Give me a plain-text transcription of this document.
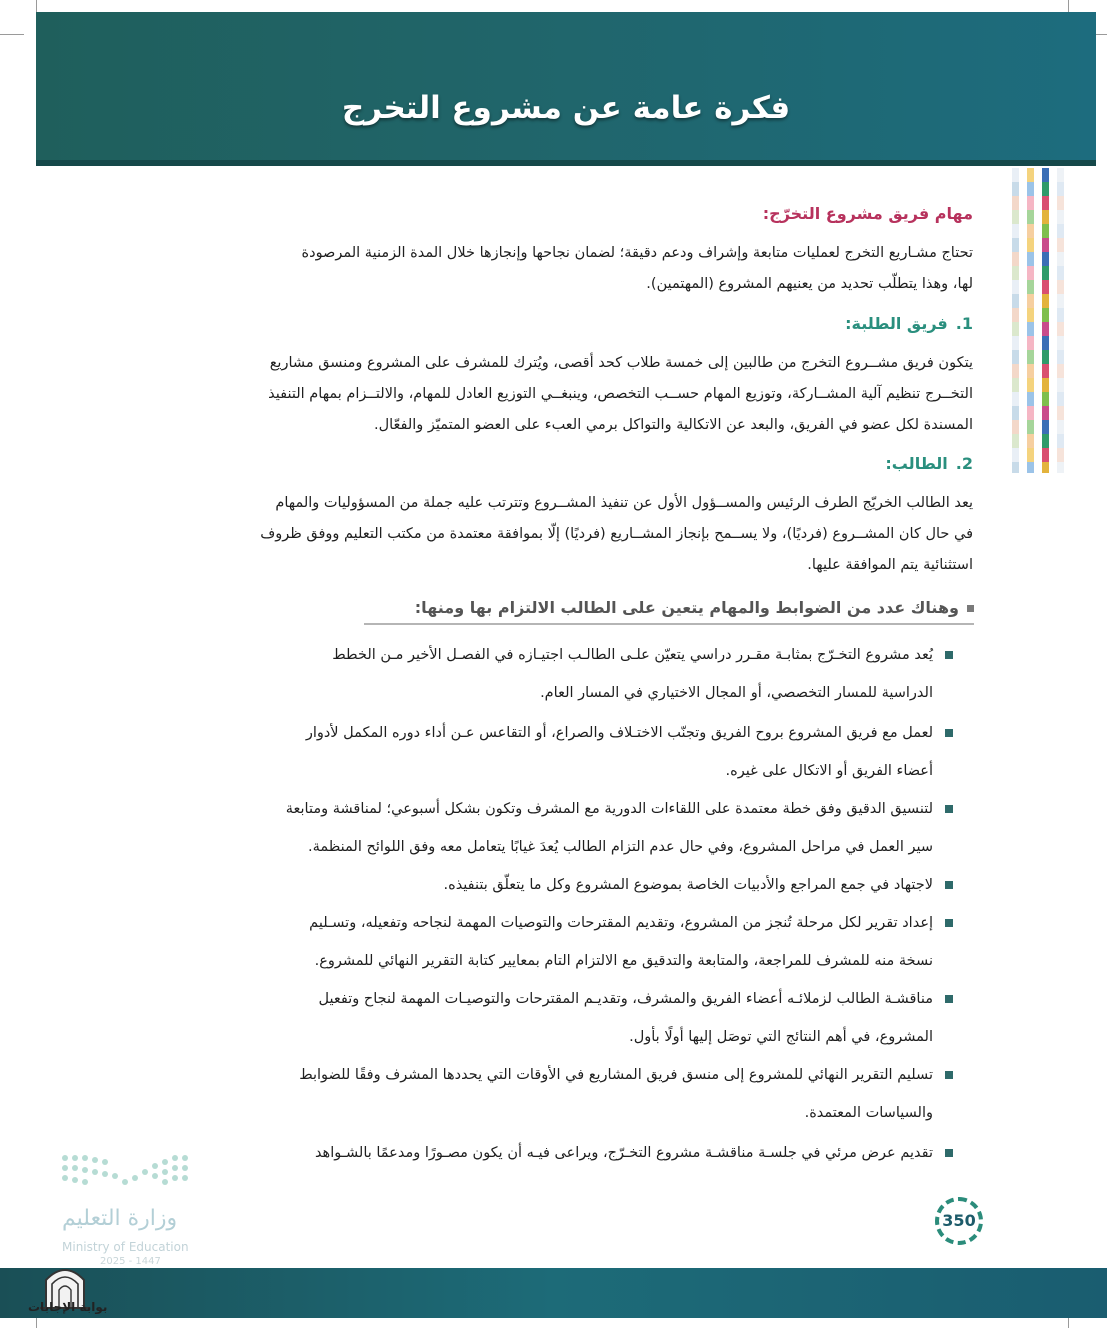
فكرة عامة عن مشروع التخرج
مهام فريق مشروع التخرّج:
تحتاج مشـاريع التخرج لعمليات متابعة وإشراف ودعم دقيقة؛ لضمان نجاحها وإنجازها خلال المدة الزمنية المرصودة
لها، وهذا يتطلّب تحديد من يعنيهم المشروع (المهتمين).
1.فريق الطلبة:
يتكون فريق مشــروع التخرج من طالبين إلى خمسة طلاب كحد أقصى، ويُترك للمشرف على المشروع ومنسق مشاريع
التخــرج تنظيم آلية المشــاركة، وتوزيع المهام حســب التخصص، وينبغــي التوزيع العادل للمهام، والالتــزام بمهام التنفيذ
المسندة لكل عضو في الفريق، والبعد عن الاتكالية والتواكل برمي العبء على العضو المتميّز والفعّال.
2.الطالب:
يعد الطالب الخريّج الطرف الرئيس والمســؤول الأول عن تنفيذ المشــروع وتترتب عليه جملة من المسؤوليات والمهام
في حال كان المشــروع (فرديًا)، ولا يســمح بإنجاز المشــاريع (فرديًا) إلّا بموافقة معتمدة من مكتب التعليم ووفق ظروف
استثنائية يتم الموافقة عليها.
وهناك عدد من الضوابط والمهام يتعين على الطالب الالتزام بها ومنها:
يُعد مشروع التخـرّج بمثابـة مقـرر دراسي يتعيّن علـى الطالـب اجتيـازه في الفصـل الأخير مـن الخطط
الدراسية للمسار التخصصي، أو المجال الاختياري في المسار العام.
لعمل مع فريق المشروع بروح الفريق وتجنّب الاختـلاف والصراع، أو التقاعس عـن أداء دوره المكمل لأدوار
أعضاء الفريق أو الاتكال على غيره.
لتنسيق الدقيق وفق خطة معتمدة على اللقاءات الدورية مع المشرف وتكون بشكل أسبوعي؛ لمناقشة ومتابعة
سير العمل في مراحل المشروع، وفي حال عدم التزام الطالب يُعدَ غيابًا يتعامل معه وفق اللوائح المنظمة.
لاجتهاد في جمع المراجع والأدبيات الخاصة بموضوع المشروع وكل ما يتعلّق بتنفيذه.
إعداد تقرير لكل مرحلة تُنجز من المشروع، وتقديم المقترحات والتوصيات المهمة لنجاحه وتفعيله، وتسـليم
نسخة منه للمشرف للمراجعة، والمتابعة والتدقيق مع الالتزام التام بمعايير كتابة التقرير النهائي للمشروع.
مناقشـة الطالب لزملائـه أعضاء الفريق والمشرف، وتقديـم المقترحات والتوصيـات المهمة لنجاح وتفعيل
المشروع، في أهم النتائج التي توصَل إليها أولًا بأول.
تسليم التقرير النهائي للمشروع إلى منسق فريق المشاريع في الأوقات التي يحددها المشرف وفقًا للضوابط
والسياسات المعتمدة.
تقديم عرض مرئي في جلسـة مناقشـة مشروع التخـرّج، ويراعى فيـه أن يكون مصـورًا ومدعمًا بالشـواهد
وزارة التعليم
Ministry of Education
2025 - 1447
350
بوابة الإجابات
